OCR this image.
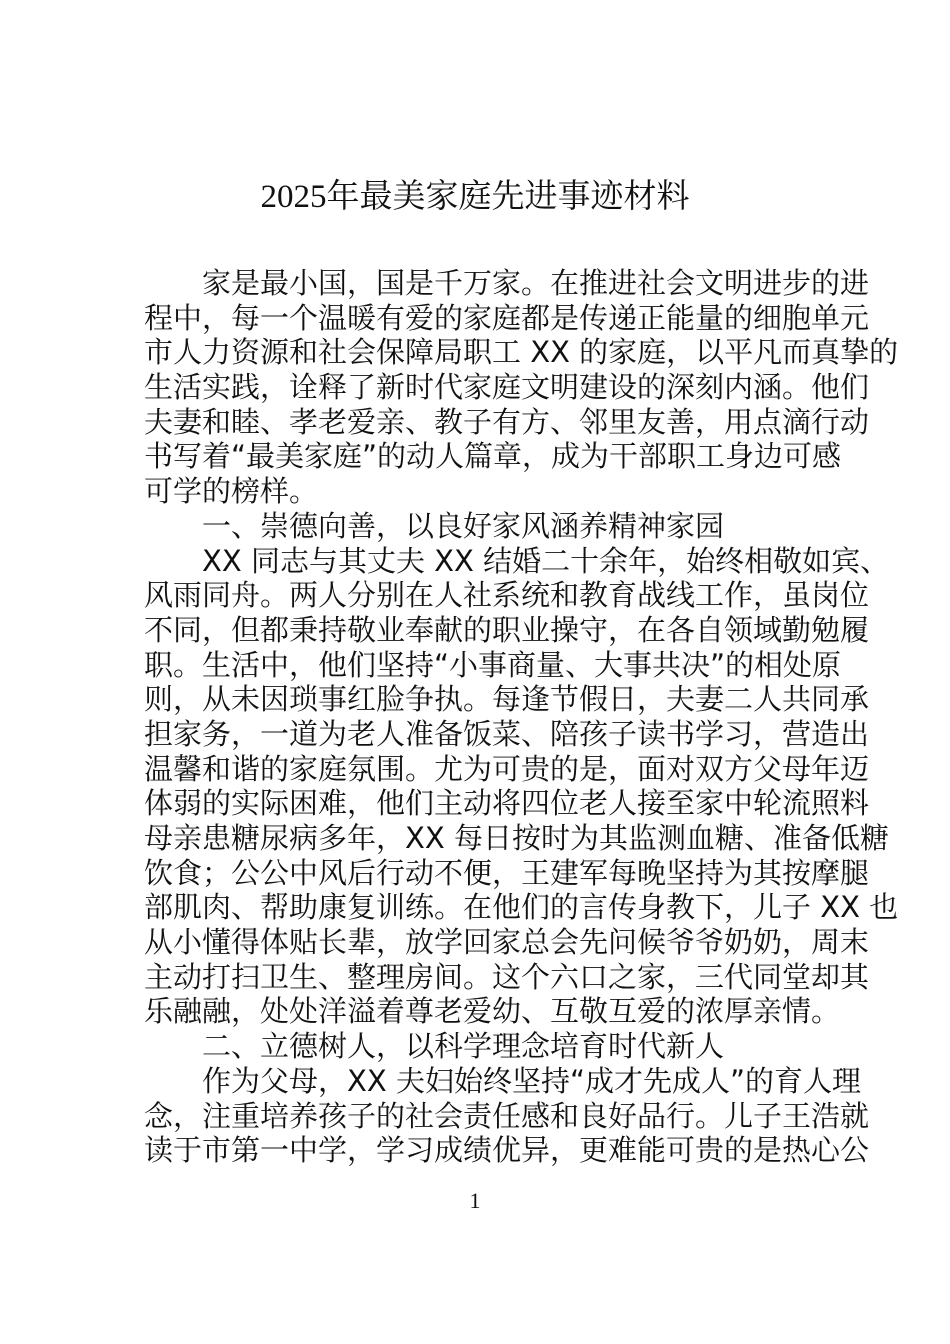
2025年最美家庭先进事迹材料
家是最小国，国是千万家。在推进社会文明进步的进
程中，每一个温暖有爱的家庭都是传递正能量的细胞单元
市人力资源和社会保障局职工 XX 的家庭，以平凡而真挚的
生活实践，诠释了新时代家庭文明建设的深刻内涵。他们
夫妻和睦、孝老爱亲、教子有方、邻里友善，用点滴行动
书写着“最美家庭”的动人篇章，成为干部职工身边可感
可学的榜样。
一、崇德向善，以良好家风涵养精神家园
XX 同志与其丈夫 XX 结婚二十余年，始终相敬如宾、
风雨同舟。两人分别在人社系统和教育战线工作，虽岗位
不同，但都秉持敬业奉献的职业操守，在各自领域勤勉履
职。生活中，他们坚持“小事商量、大事共决”的相处原
则，从未因琐事红脸争执。每逢节假日，夫妻二人共同承
担家务，一道为老人准备饭菜、陪孩子读书学习，营造出
温馨和谐的家庭氛围。尤为可贵的是，面对双方父母年迈
体弱的实际困难，他们主动将四位老人接至家中轮流照料
母亲患糖尿病多年，XX 每日按时为其监测血糖、准备低糖
饮食；公公中风后行动不便，王建军每晚坚持为其按摩腿
部肌肉、帮助康复训练。在他们的言传身教下，儿子 XX 也
从小懂得体贴长辈，放学回家总会先问候爷爷奶奶，周末
主动打扫卫生、整理房间。这个六口之家，三代同堂却其
乐融融，处处洋溢着尊老爱幼、互敬互爱的浓厚亲情。
二、立德树人，以科学理念培育时代新人
作为父母，XX 夫妇始终坚持“成才先成人”的育人理
念，注重培养孩子的社会责任感和良好品行。儿子王浩就
读于市第一中学，学习成绩优异，更难能可贵的是热心公
1
